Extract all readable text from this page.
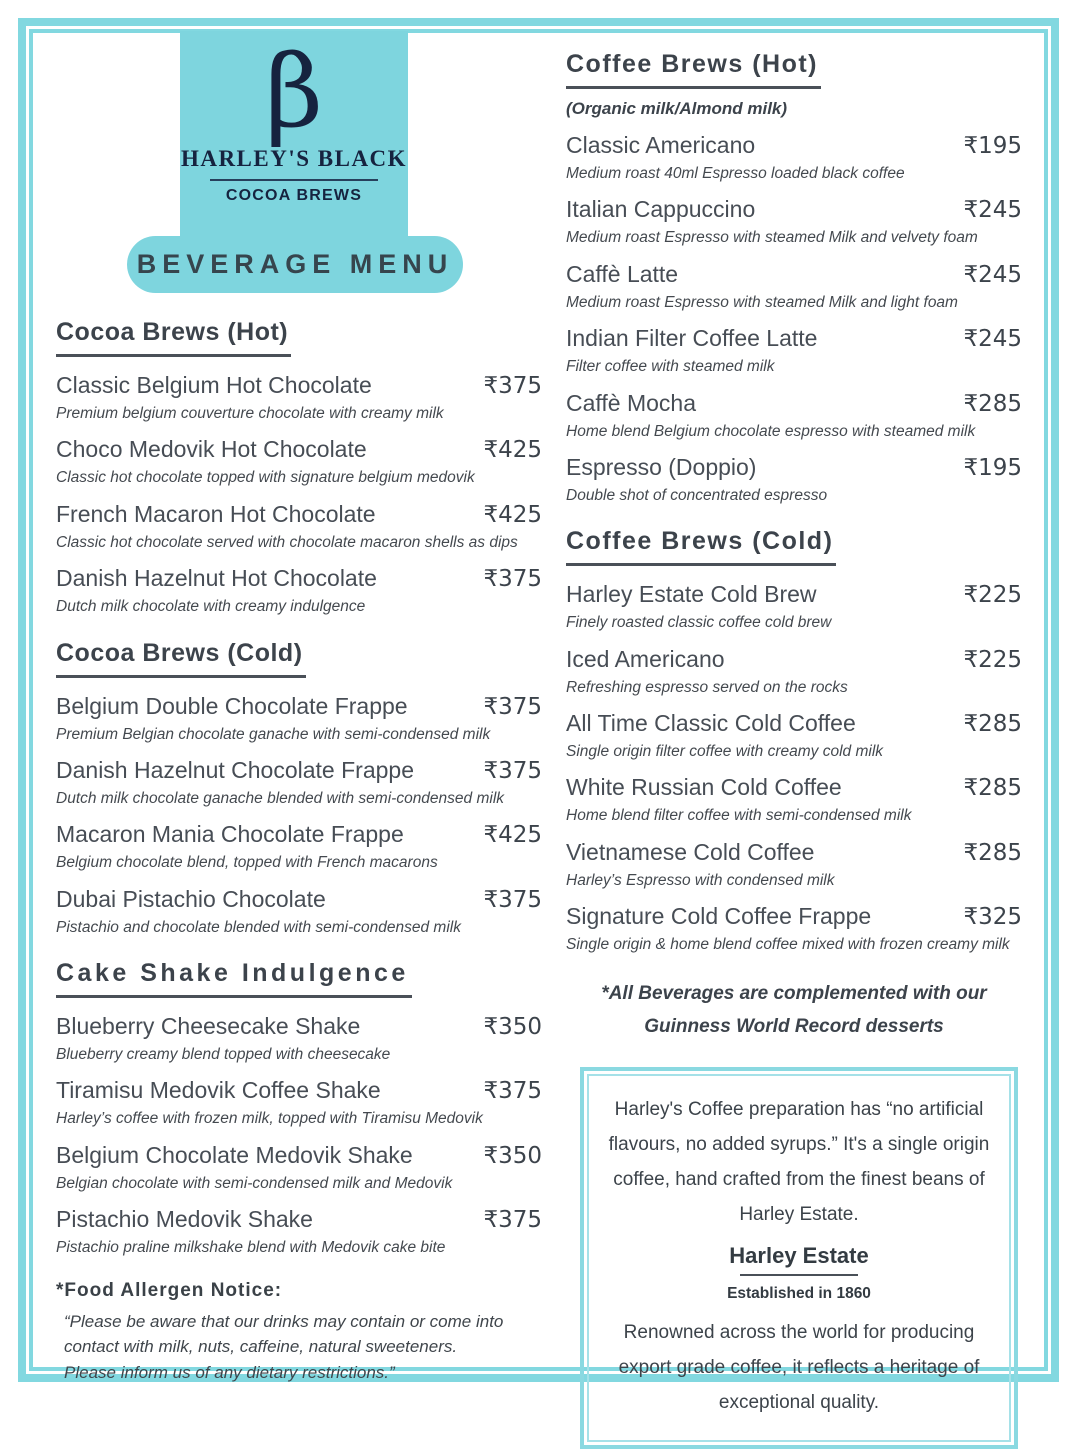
β
HARLEY'S BLACK
COCOA BREWS
BEVERAGE MENU
Cocoa Brews (Hot)
Classic Belgium Hot Chocolate	₹375
Premium belgium couverture chocolate with creamy milk
Choco Medovik Hot Chocolate	₹425
Classic hot chocolate topped with signature belgium medovik
French Macaron Hot Chocolate	₹425
Classic hot chocolate served with chocolate macaron shells as dips
Danish Hazelnut Hot Chocolate	₹375
Dutch milk chocolate with creamy indulgence
Cocoa Brews (Cold)
Belgium Double Chocolate Frappe	₹375
Premium Belgian chocolate ganache with semi-condensed milk
Danish Hazelnut Chocolate Frappe	₹375
Dutch milk chocolate ganache blended with semi-condensed milk
Macaron Mania Chocolate Frappe	₹425
Belgium chocolate blend, topped with French macarons
Dubai Pistachio Chocolate	₹375
Pistachio and chocolate blended with semi-condensed milk
Cake Shake Indulgence
Blueberry Cheesecake Shake	₹350
Blueberry creamy blend topped with cheesecake
Tiramisu Medovik Coffee Shake	₹375
Harley’s coffee with frozen milk, topped with Tiramisu Medovik
Belgium Chocolate Medovik Shake	₹350
Belgian chocolate with semi-condensed milk and Medovik
Pistachio Medovik Shake	₹375
Pistachio praline milkshake blend with Medovik cake bite
*Food Allergen Notice:
“Please be aware that our drinks may contain or come into contact with milk, nuts, caffeine, natural sweeteners. Please inform us of any dietary restrictions.”
Coffee Brews (Hot)
(Organic milk/Almond milk)
Classic Americano	₹195
Medium roast 40ml Espresso loaded black coffee
Italian Cappuccino	₹245
Medium roast Espresso with steamed Milk and velvety foam
Caffè Latte	₹245
Medium roast Espresso with steamed Milk and light foam
Indian Filter Coffee Latte	₹245
Filter coffee with steamed milk
Caffè Mocha	₹285
Home blend Belgium chocolate espresso with steamed milk
Espresso (Doppio)	₹195
Double shot of concentrated espresso
Coffee Brews (Cold)
Harley Estate Cold Brew	₹225
Finely roasted classic coffee cold brew
Iced Americano	₹225
Refreshing espresso served on the rocks
All Time Classic Cold Coffee	₹285
Single origin filter coffee with creamy cold milk
White Russian Cold Coffee	₹285
Home blend filter coffee with semi-condensed milk
Vietnamese Cold Coffee	₹285
Harley’s Espresso with condensed milk
Signature Cold Coffee Frappe	₹325
Single origin & home blend coffee mixed with frozen creamy milk
*All Beverages are complemented with our Guinness World Record desserts
Harley's Coffee preparation has “no artificial flavours, no added syrups.” It's a single origin coffee, hand crafted from the finest beans of Harley Estate.
Harley Estate
Established in 1860
Renowned across the world for producing export grade coffee, it reflects a heritage of exceptional quality.
